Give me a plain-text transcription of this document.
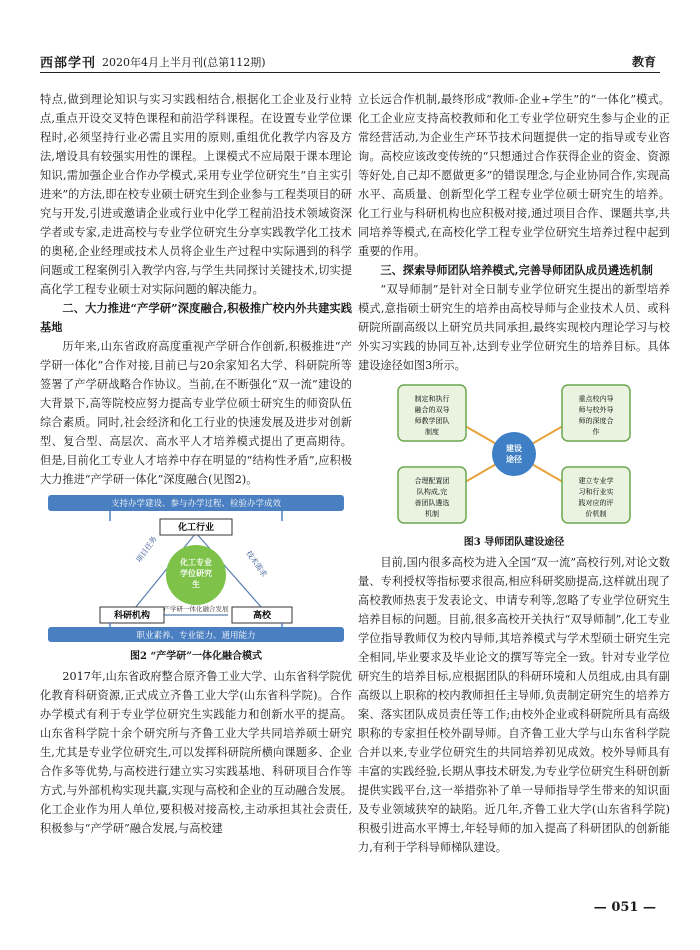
西部学刊 2020年4月上半月刊(总第112期)	教育

特点,做到理论知识与实习实践相结合,根据化工企业及行业特点,重点开设交叉特色课程和前沿学科课程。在设置专业学位课程时,必须坚持行业必需且实用的原则,重组优化教学内容及方法,增设具有较强实用性的课程。上课模式不应局限于课本理论知识,需加强企业合作办学模式,采用专业学位研究生“自主实引进来”的方法,即在校专业硕士研究生到企业参与工程类项目的研究与开发,引进或邀请企业或行业中化学工程前沿技术领域资深学者或专家,走进高校与专业学位研究生分享实践教学化工技术的奥秘,企业经理或技术人员将企业生产过程中实际遇到的科学问题或工程案例引入教学内容,与学生共同探讨关键技术,切实提高化学工程专业硕士对实际问题的解决能力。

二、大力推进“产学研”深度融合,积极推广校内外共建实践基地

历年来,山东省政府高度重视产学研合作创新,积极推进“产学研一体化”合作对接,目前已与20余家知名大学、科研院所等签署了产学研战略合作协议。当前,在不断强化“双一流”建设的大背景下,高等院校应努力提高专业学位硕士研究生的师资队伍综合素质。同时,社会经济和化工行业的快速发展及进步对创新型、复合型、高层次、高水平人才培养模式提出了更高期待。但是,目前化工专业人才培养中存在明显的“结构性矛盾”,应积极大力推进“产学研一体化”深度融合(见图2)。

支持办学建设、参与办学过程、检验办学成效
化工行业
化工专业
学位研究
生
项目任务	技术需求
科研机构	高校
产学研一体化融合发展
职业素养、专业能力、通用能力
图2 “产学研”一体化融合模式

2017年,山东省政府整合原齐鲁工业大学、山东省科学院优化教育科研资源,正式成立齐鲁工业大学(山东省科学院)。合作办学模式有利于专业学位研究生实践能力和创新水平的提高。山东省科学院十余个研究所与齐鲁工业大学共同培养硕士研究生,尤其是专业学位研究生,可以发挥科研院所横向课题多、企业合作多等优势,与高校进行建立实习实践基地、科研项目合作等方式,与外部机构实现共赢,实现与高校和企业的互动融合发展。化工企业作为用人单位,要积极对接高校,主动承担其社会责任,积极参与“产学研”融合发展,与高校建

立长远合作机制,最终形成“教师-企业+学生”的“一体化”模式。化工企业应支持高校教师和化工专业学位研究生参与企业的正常经营活动,为企业生产环节技术问题提供一定的指导或专业咨询。高校应该改变传统的“只想通过合作获得企业的资金、资源等好处,自己却不愿做更多”的错误理念,与企业协同合作,实现高水平、高质量、创新型化学工程专业学位硕士研究生的培养。化工行业与科研机构也应积极对接,通过项目合作、课题共享,共同培养等模式,在高校化学工程专业学位研究生培养过程中起到重要的作用。

三、探索导师团队培养模式,完善导师团队成员遴选机制

“双导师制”是针对全日制专业学位研究生提出的新型培养模式,意指硕士研究生的培养由高校导师与企业技术人员、或科研院所副高级以上研究员共同承担,最终实现校内理论学习与校外实习实践的协同互补,达到专业学位研究生的培养目标。具体建设途径如图3所示。

制定和执行
融合的双导
师教学团队
制度
重点校内导
师与校外导
师的深度合
作
合理配置团
队构成,完
善团队遴选
机制
建立专业学
习和行业实
践对应的评
价机制
建设
途径
图3 导师团队建设途径

目前,国内很多高校为进入全国“双一流”高校行列,对论文数量、专利授权等指标要求很高,相应科研奖励提高,这样就出现了高校教师热衷于发表论文、申请专利等,忽略了专业学位研究生培养目标的问题。目前,很多高校开关执行“双导师制”,化工专业学位指导教师仅为校内导师,其培养模式与学术型硕士研究生完全相同,毕业要求及毕业论文的撰写等完全一致。针对专业学位研究生的培养目标,应根据团队的科研环境和人员组成,由具有副高级以上职称的校内教师担任主导师,负责制定研究生的培养方案、落实团队成员责任等工作;由校外企业或科研院所具有高级职称的专家担任校外副导师。自齐鲁工业大学与山东省科学院合并以来,专业学位研究生的共同培养初见成效。校外导师具有丰富的实践经验,长期从事技术研发,为专业学位研究生科研创新提供实践平台,这一举措弥补了单一导师指导学生带来的知识面及专业领域狭窄的缺陷。近几年,齐鲁工业大学(山东省科学院)积极引进高水平博士,年轻导师的加入提高了科研团队的创新能力,有利于学科导师梯队建设。

— 051 —
